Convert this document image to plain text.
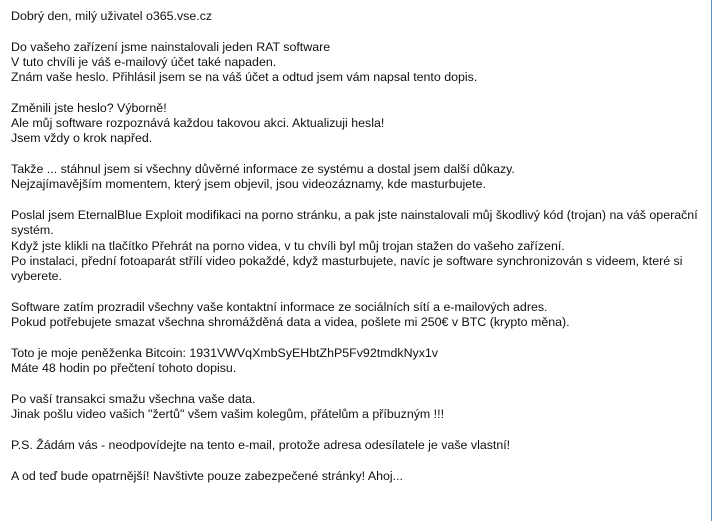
Dobrý den, milý uživatel o365.vse.cz

Do vašeho zařízení jsme nainstalovali jeden RAT software
V tuto chvíli je váš e-mailový účet také napaden.
Znám vaše heslo. Přihlásil jsem se na váš účet a odtud jsem vám napsal tento dopis.

Změnili jste heslo? Výborně!
Ale můj software rozpoznává každou takovou akci. Aktualizuji hesla!
Jsem vždy o krok napřed.

Takže ... stáhnul jsem si všechny důvěrné informace ze systému a dostal jsem další důkazy.
Nejzajímavějším momentem, který jsem objevil, jsou videozáznamy, kde masturbujete.

Poslal jsem EternalBlue Exploit modifikaci na porno stránku, a pak jste nainstalovali můj škodlivý kód (trojan) na váš operační systém.
Když jste klikli na tlačítko Přehrát na porno videa, v tu chvíli byl můj trojan stažen do vašeho zařízení.
Po instalaci, přední fotoaparát střílí video pokaždé, když masturbujete, navíc je software synchronizován s videem, které si vyberete.

Software zatím prozradil všechny vaše kontaktní informace ze sociálních sítí a e-mailových adres.
Pokud potřebujete smazat všechna shromážděná data a videa, pošlete mi 250€ v BTC (krypto měna).

Toto je moje peněženka Bitcoin: 1931VWVqXmbSyEHbtZhP5Fv92tmdkNyx1v
Máte 48 hodin po přečtení tohoto dopisu.

Po vaší transakci smažu všechna vaše data.
Jinak pošlu video vašich "žertů" všem vašim kolegům, přátelům a příbuzným !!!

P.S. Žádám vás - neodpovídejte na tento e-mail, protože adresa odesílatele je vaše vlastní!

A od teď bude opatrnější! Navštivte pouze zabezpečené stránky! Ahoj...
